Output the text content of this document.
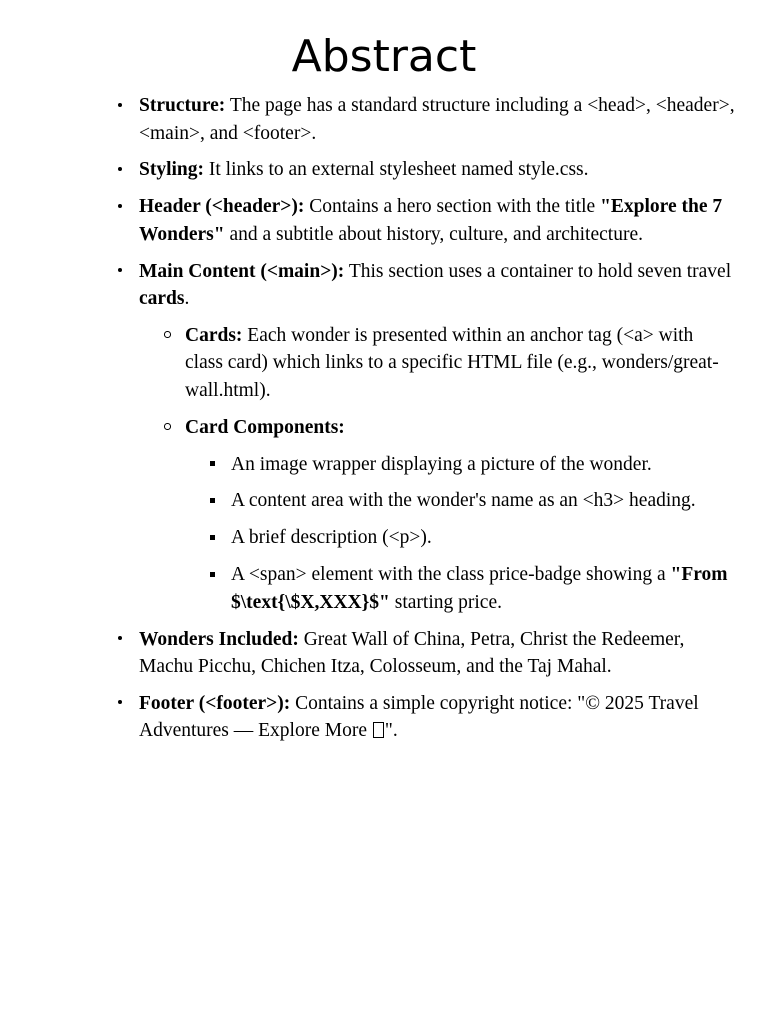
Abstract

Structure: The page has a standard structure including a <head>, <header>, <main>, and <footer>.

Styling: It links to an external stylesheet named style.css.

Header (<header>): Contains a hero section with the title "Explore the 7 Wonders" and a subtitle about history, culture, and architecture.

Main Content (<main>): This section uses a container to hold seven travel cards.

Cards: Each wonder is presented within an anchor tag (<a> with class card) which links to a specific HTML file (e.g., wonders/great-wall.html).

Card Components:

An image wrapper displaying a picture of the wonder.

A content area with the wonder's name as an <h3> heading.

A brief description (<p>).

A <span> element with the class price-badge showing a "From $\text{\$X,XXX}$" starting price.

Wonders Included: Great Wall of China, Petra, Christ the Redeemer, Machu Picchu, Chichen Itza, Colosseum, and the Taj Mahal.

Footer (<footer>): Contains a simple copyright notice: "© 2025 Travel Adventures — Explore More ".
